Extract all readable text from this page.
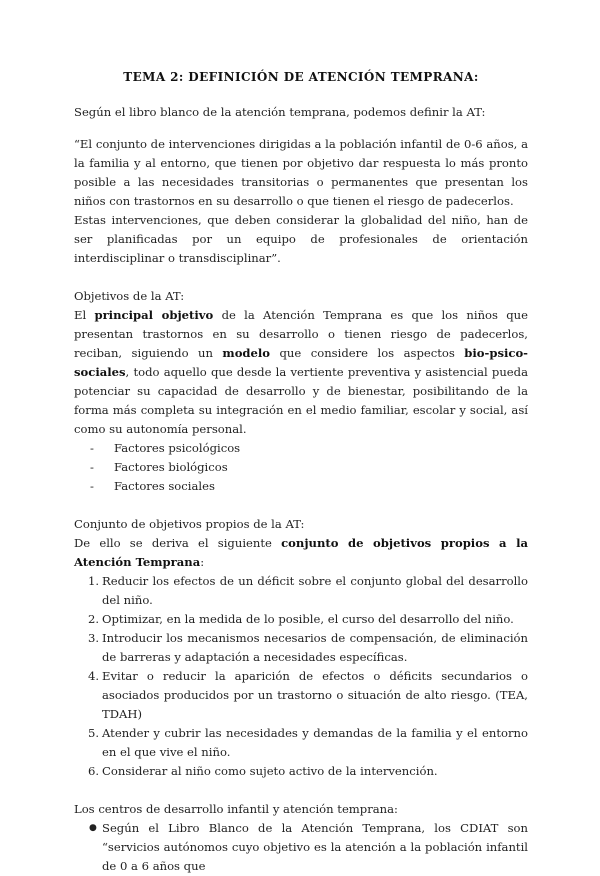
TEMA 2: DEFINICIÓN DE ATENCIÓN TEMPRANA:

Según el libro blanco de la atención temprana, podemos definir la AT:

“El conjunto de intervenciones dirigidas a la población infantil de 0-6 años, a la familia y al entorno, que tienen por objetivo dar respuesta lo más pronto posible a las necesidades transitorias o permanentes que presentan los niños con trastornos en su desarrollo o que tienen el riesgo de padecerlos.

Estas intervenciones, que deben considerar la globalidad del niño, han de ser planificadas por un equipo de profesionales de orientación interdisciplinar o transdisciplinar”.

Objetivos de la AT:

El principal objetivo de la Atención Temprana es que los niños que presentan trastornos en su desarrollo o tienen riesgo de padecerlos, reciban, siguiendo un modelo que considere los aspectos bio-psico-sociales, todo aquello que desde la vertiente preventiva y asistencial pueda potenciar su capacidad de desarrollo y de bienestar, posibilitando de la forma más completa su integración en el medio familiar, escolar y social, así como su autonomía personal.

- Factores psicológicos
- Factores biológicos
- Factores sociales

Conjunto de objetivos propios de la AT:

De ello se deriva el siguiente conjunto de objetivos propios a la Atención Temprana:

1. Reducir los efectos de un déficit sobre el conjunto global del desarrollo del niño.
2. Optimizar, en la medida de lo posible, el curso del desarrollo del niño.
3. Introducir los mecanismos necesarios de compensación, de eliminación de barreras y adaptación a necesidades específicas.
4. Evitar o reducir la aparición de efectos o déficits secundarios o asociados producidos por un trastorno o situación de alto riesgo. (TEA, TDAH)
5. Atender y cubrir las necesidades y demandas de la familia y el entorno en el que vive el niño.
6. Considerar al niño como sujeto activo de la intervención.

Los centros de desarrollo infantil y atención temprana:

● Según el Libro Blanco de la Atención Temprana, los CDIAT son “servicios autónomos cuyo objetivo es la atención a la población infantil de 0 a 6 años que
